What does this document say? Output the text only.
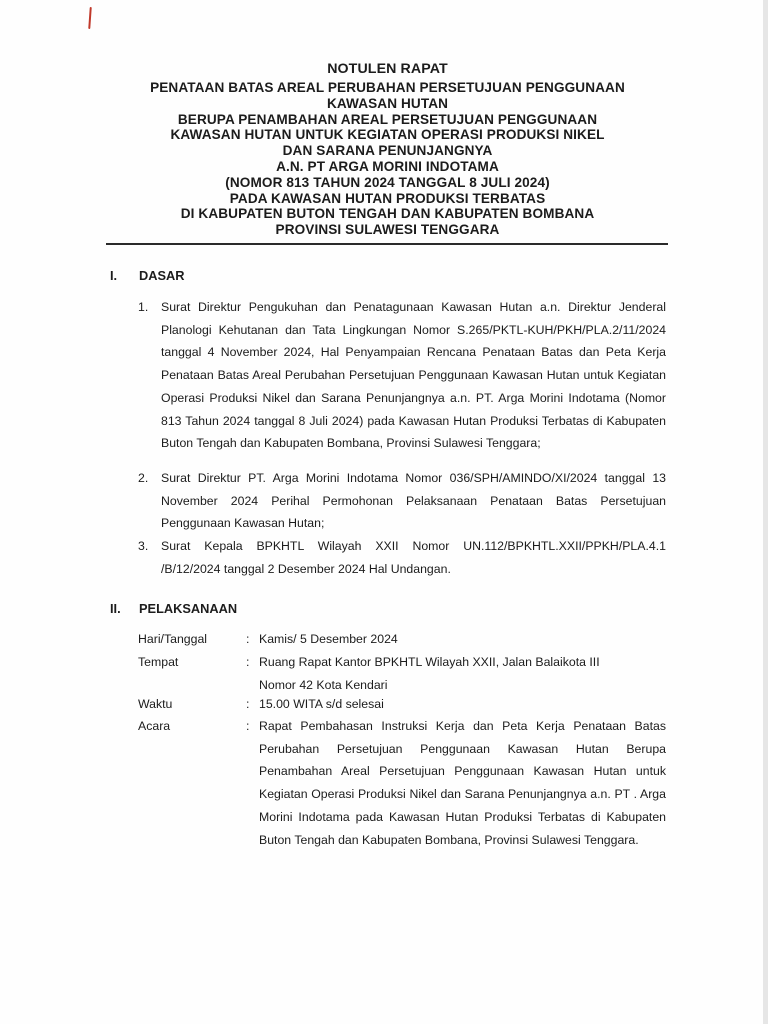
NOTULEN RAPAT
PENATAAN BATAS AREAL PERUBAHAN PERSETUJUAN PENGGUNAAN
KAWASAN HUTAN
BERUPA PENAMBAHAN AREAL PERSETUJUAN PENGGUNAAN
KAWASAN HUTAN UNTUK KEGIATAN OPERASI PRODUKSI NIKEL
DAN SARANA PENUNJANGNYA
A.N. PT ARGA MORINI INDOTAMA
(NOMOR 813 TAHUN 2024 TANGGAL 8 JULI 2024)
PADA KAWASAN HUTAN PRODUKSI TERBATAS
DI KABUPATEN BUTON TENGAH DAN KABUPATEN BOMBANA
PROVINSI SULAWESI TENGGARA
I. DASAR
1. Surat Direktur Pengukuhan dan Penatagunaan Kawasan Hutan a.n. Direktur Jenderal Planologi Kehutanan dan Tata Lingkungan Nomor S.265/PKTL-KUH/PKH/PLA.2/11/2024 tanggal 4 November 2024, Hal Penyampaian Rencana Penataan Batas dan Peta Kerja Penataan Batas Areal Perubahan Persetujuan Penggunaan Kawasan Hutan untuk Kegiatan Operasi Produksi Nikel dan Sarana Penunjangnya a.n. PT. Arga Morini Indotama (Nomor 813 Tahun 2024 tanggal 8 Juli 2024) pada Kawasan Hutan Produksi Terbatas di Kabupaten Buton Tengah dan Kabupaten Bombana, Provinsi Sulawesi Tenggara;
2. Surat Direktur PT. Arga Morini Indotama Nomor 036/SPH/AMINDO/XI/2024 tanggal 13 November 2024 Perihal Permohonan Pelaksanaan Penataan Batas Persetujuan Penggunaan Kawasan Hutan;
3. Surat Kepala BPKHTL Wilayah XXII Nomor UN.112/BPKHTL.XXII/PPKH/PLA.4.1 /B/12/2024 tanggal 2 Desember 2024 Hal Undangan.
II. PELAKSANAAN
Hari/Tanggal	: Kamis/ 5 Desember 2024
Tempat	: Ruang Rapat Kantor BPKHTL Wilayah XXII, Jalan Balaikota III Nomor 42 Kota Kendari
Waktu	: 15.00 WITA s/d selesai
Acara	: Rapat Pembahasan Instruksi Kerja dan Peta Kerja Penataan Batas Perubahan Persetujuan Penggunaan Kawasan Hutan Berupa Penambahan Areal Persetujuan Penggunaan Kawasan Hutan untuk Kegiatan Operasi Produksi Nikel dan Sarana Penunjangnya a.n. PT . Arga Morini Indotama pada Kawasan Hutan Produksi Terbatas di Kabupaten Buton Tengah dan Kabupaten Bombana, Provinsi Sulawesi Tenggara.
